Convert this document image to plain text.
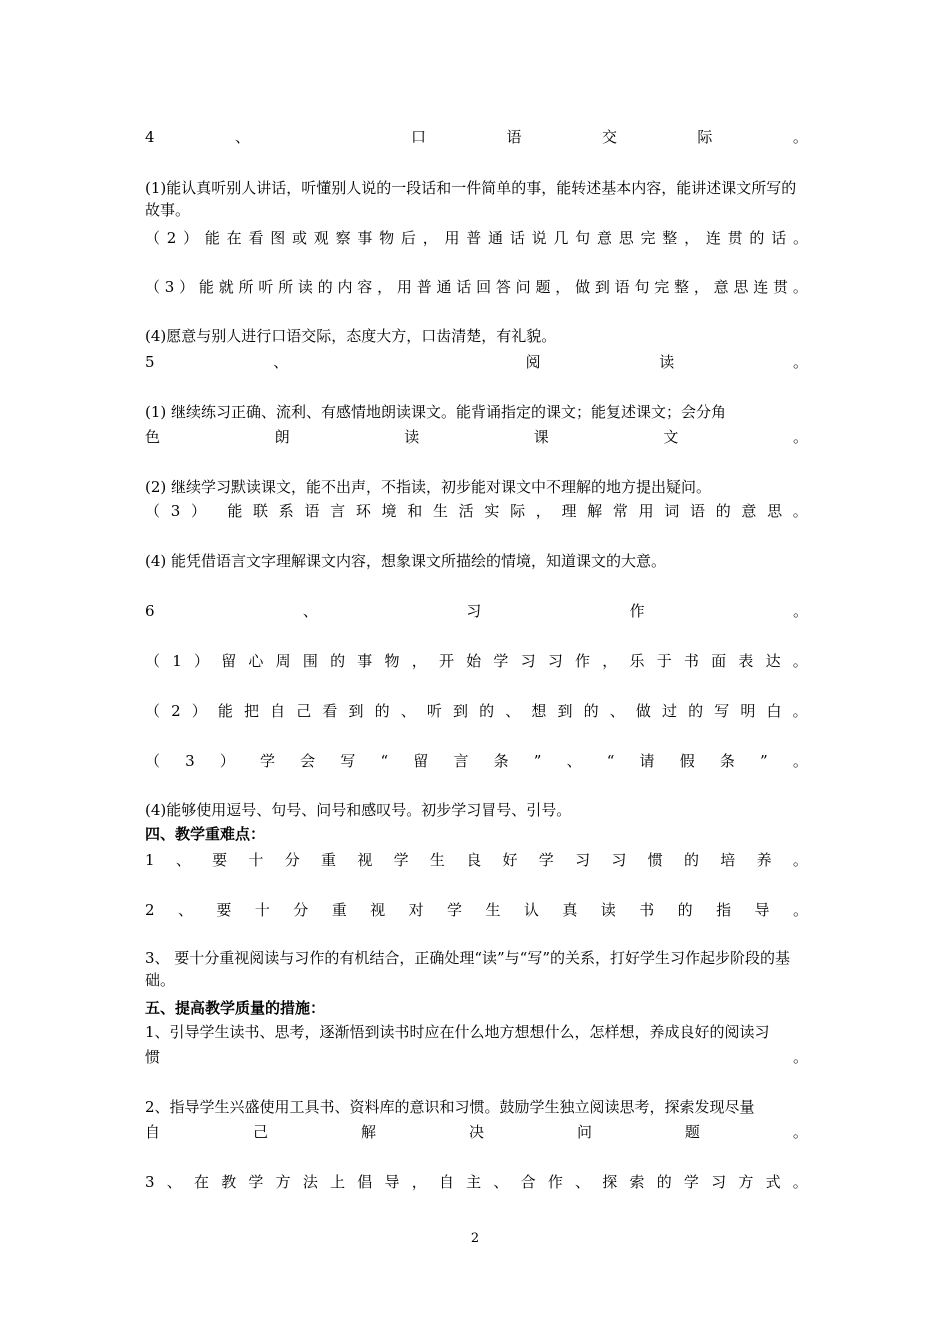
4	、	口	语	交	际	。
(1)能认真听别人讲话，听懂别人说的一段话和一件简单的事，能转述基本内容，能讲述课文所写的故事。
（ 2 ） 能 在 看 图 或 观 察 事 物 后 ， 用 普 通 话 说 几 句 意 思 完 整 ， 连 贯 的 话 。
（ 3 ） 能 就 所 听 所 读 的 内 容 ， 用 普 通 话 回 答 问 题 ， 做 到 语 句 完 整 ， 意 思 连 贯 。
(4)愿意与别人进行口语交际，态度大方，口齿清楚，有礼貌。
5	、	阅	读	。
(1) 继续练习正确、流利、有感情地朗读课文。能背诵指定的课文；能复述课文；会分角
色	朗	读	课	文	。
(2) 继续学习默读课文，能不出声，不指读，初步能对课文中不理解的地方提出疑问。
（ 3 ） 能 联 系 语 言 环 境 和 生 活 实 际 ， 理 解 常 用 词 语 的 意 思 。
(4) 能凭借语言文字理解课文内容，想象课文所描绘的情境，知道课文的大意。
6	、	习	作	。
（ 1 ） 留 心 周 围 的 事 物 ， 开 始 学 习 习 作 ， 乐 于 书 面 表 达 。
（ 2 ） 能 把 自 己 看 到 的 、 听 到 的 、 想 到 的 、 做 过 的 写 明 白 。
（ 3 ） 学 会 写 “ 留 言 条 ” 、 “ 请 假 条 ” 。
(4)能够使用逗号、句号、问号和感叹号。初步学习冒号、引号。
四、教学重难点：
1 、 要 十 分 重 视 学 生 良 好 学 习 习 惯 的 培 养 。
2 、 要 十 分 重 视 对 学 生 认 真 读 书 的 指 导 。
3、 要十分重视阅读与习作的有机结合，正确处理“读”与“写”的关系，打好学生习作起步阶段的基础。
五、提高教学质量的措施：
1、引导学生读书、思考，逐渐悟到读书时应在什么地方想想什么，怎样想，养成良好的阅读习
惯	。
2、指导学生兴盛使用工具书、资料库的意识和习惯。鼓励学生独立阅读思考，探索发现尽量
自	己	解	决	问	题	。
3 、 在 教 学 方 法 上 倡 导 ， 自 主 、 合 作 、 探 索 的 学 习 方 式 。
2
